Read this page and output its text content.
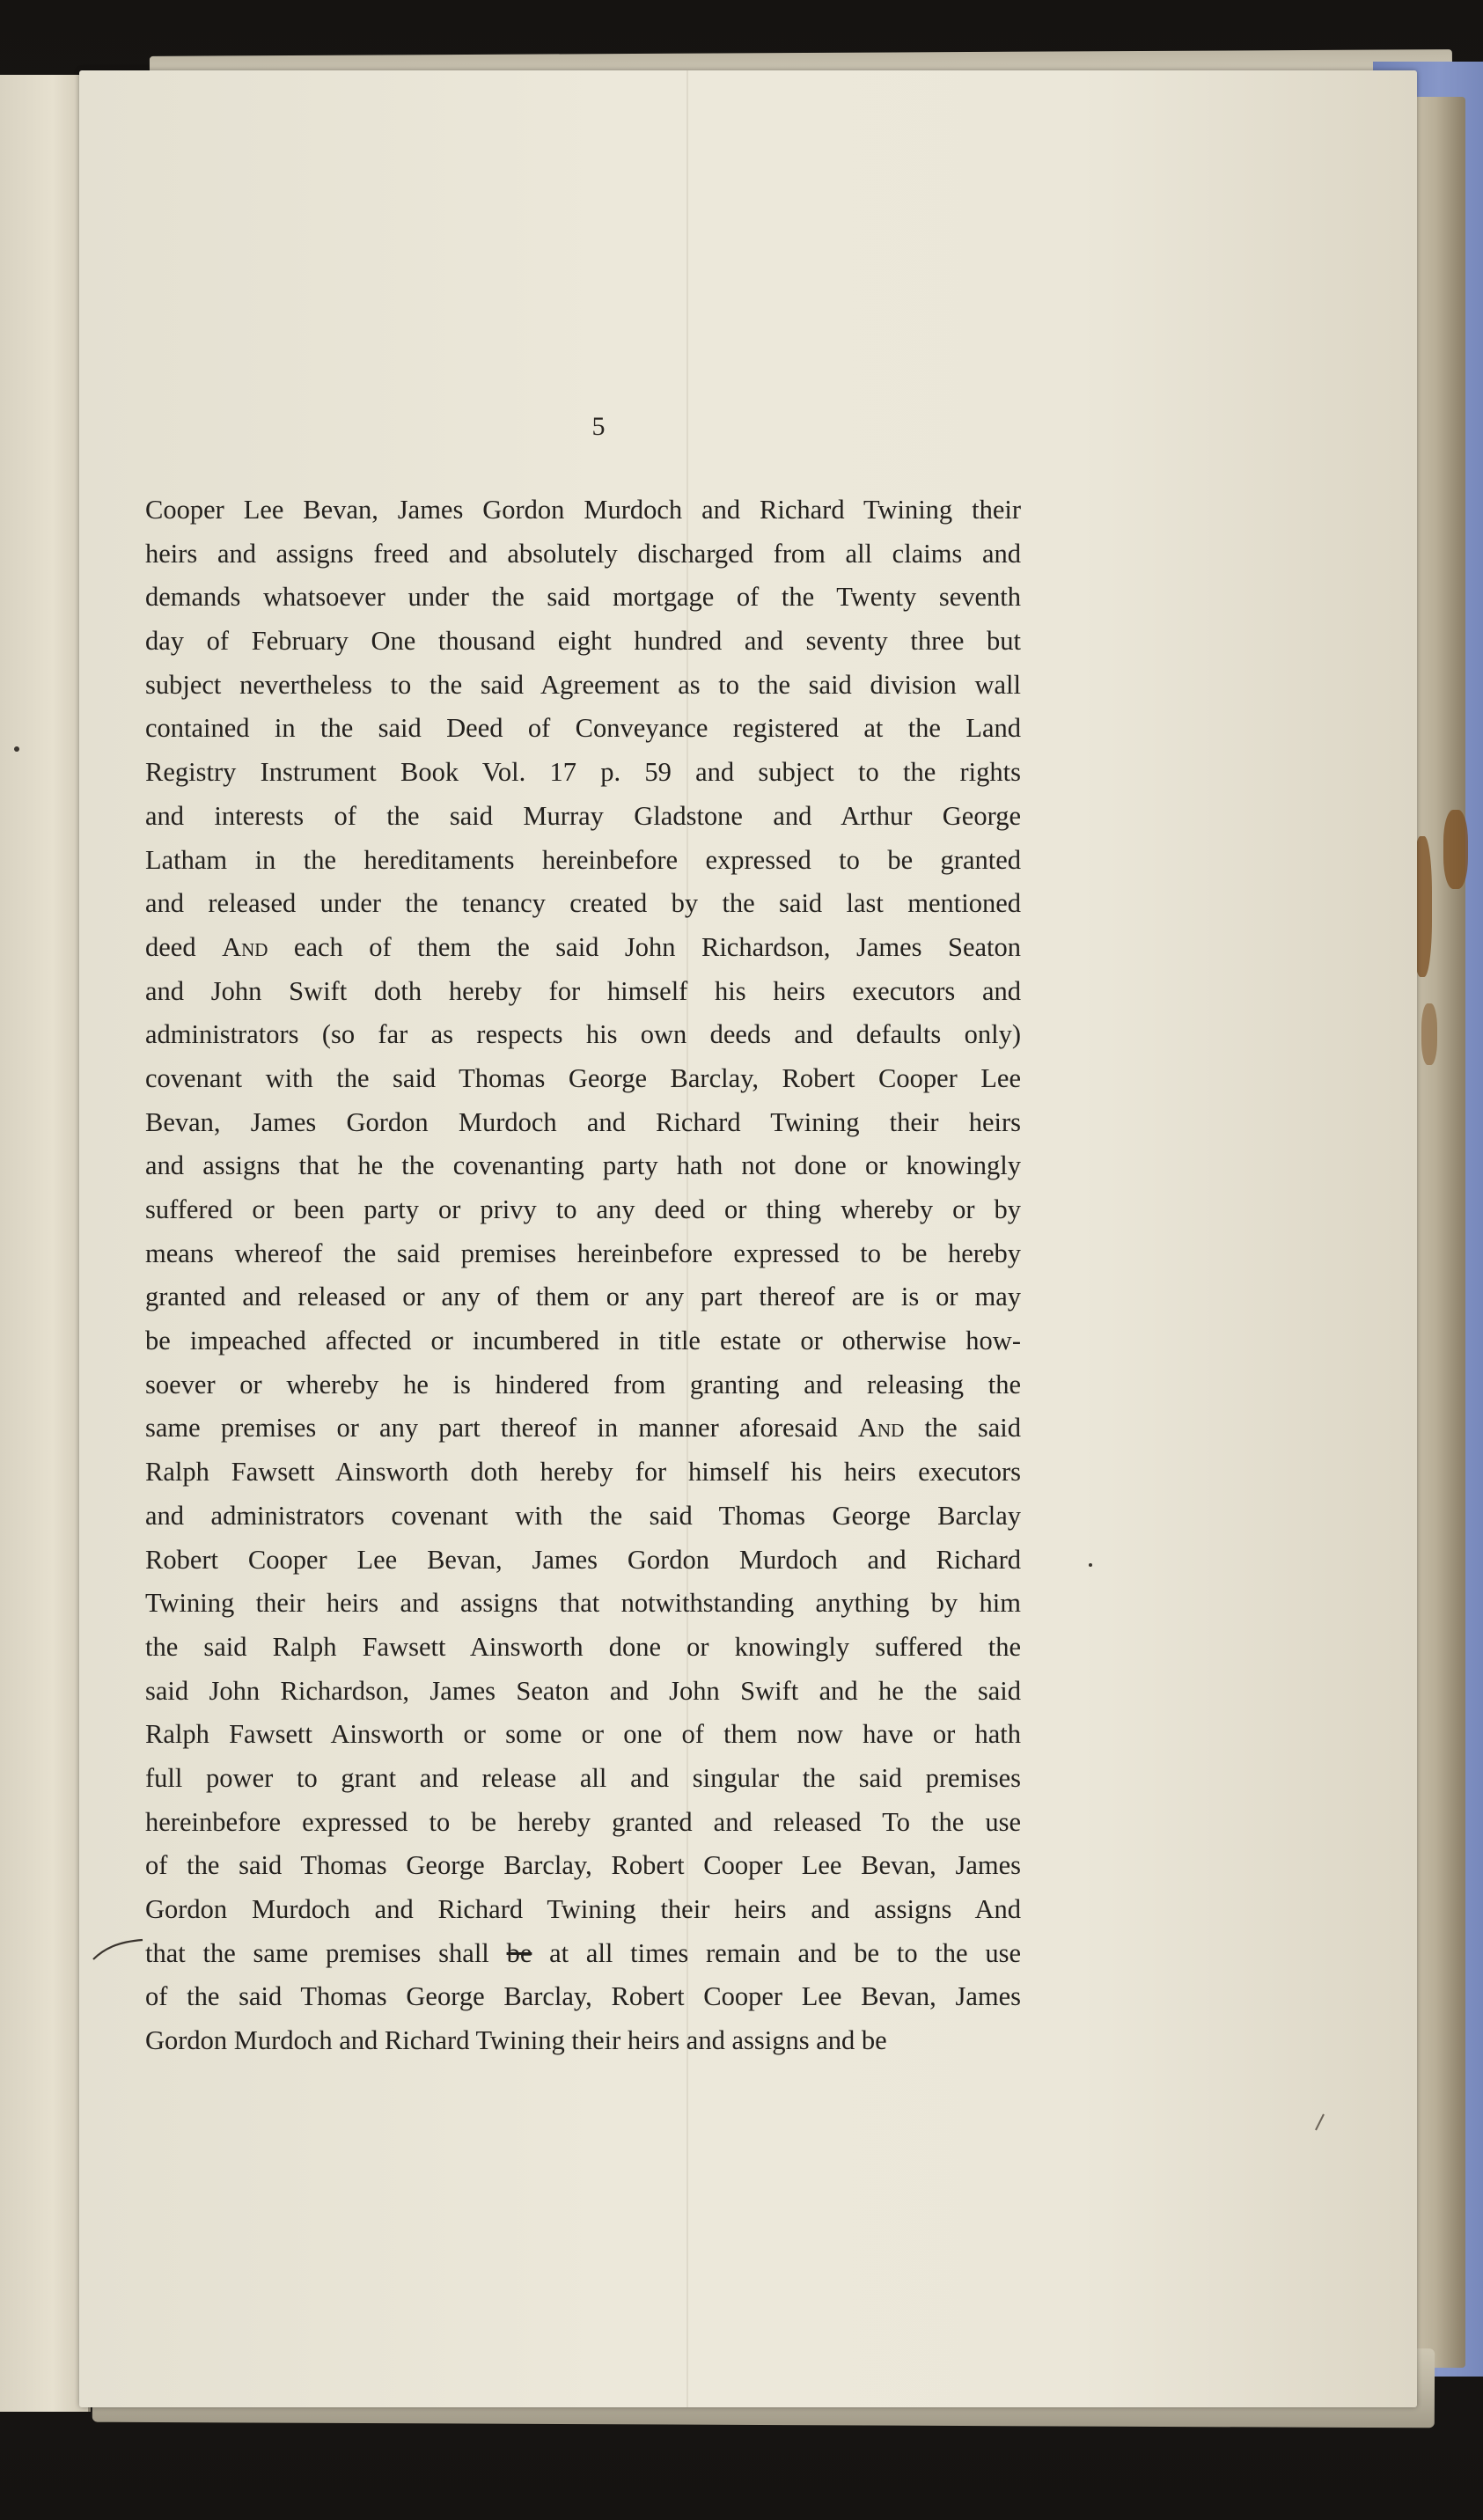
5

Cooper Lee Bevan, James Gordon Murdoch and Richard Twining their
heirs and assigns freed and absolutely discharged from all claims and
demands whatsoever under the said mortgage of the Twenty seventh
day of February One thousand eight hundred and seventy three but
subject nevertheless to the said Agreement as to the said division wall
contained in the said Deed of Conveyance registered at the Land
Registry Instrument Book Vol. 17 p. 59 and subject to the rights
and interests of the said Murray Gladstone and Arthur George
Latham in the hereditaments hereinbefore expressed to be granted
and released under the tenancy created by the said last mentioned
deed And each of them the said John Richardson, James Seaton
and John Swift doth hereby for himself his heirs executors and
administrators (so far as respects his own deeds and defaults only)
covenant with the said Thomas George Barclay, Robert Cooper Lee
Bevan, James Gordon Murdoch and Richard Twining their heirs
and assigns that he the covenanting party hath not done or knowingly
suffered or been party or privy to any deed or thing whereby or by
means whereof the said premises hereinbefore expressed to be hereby
granted and released or any of them or any part thereof are is or may
be impeached affected or incumbered in title estate or otherwise how-
soever or whereby he is hindered from granting and releasing the
same premises or any part thereof in manner aforesaid And the said
Ralph Fawsett Ainsworth doth hereby for himself his heirs executors
and administrators covenant with the said Thomas George Barclay
Robert Cooper Lee Bevan, James Gordon Murdoch and Richard
Twining their heirs and assigns that notwithstanding anything by him
the said Ralph Fawsett Ainsworth done or knowingly suffered the
said John Richardson, James Seaton and John Swift and he the said
Ralph Fawsett Ainsworth or some or one of them now have or hath
full power to grant and release all and singular the said premises
hereinbefore expressed to be hereby granted and released To the use
of the said Thomas George Barclay, Robert Cooper Lee Bevan, James
Gordon Murdoch and Richard Twining their heirs and assigns And
that the same premises shall be at all times remain and be to the use
of the said Thomas George Barclay, Robert Cooper Lee Bevan, James
Gordon Murdoch and Richard Twining their heirs and assigns and be
